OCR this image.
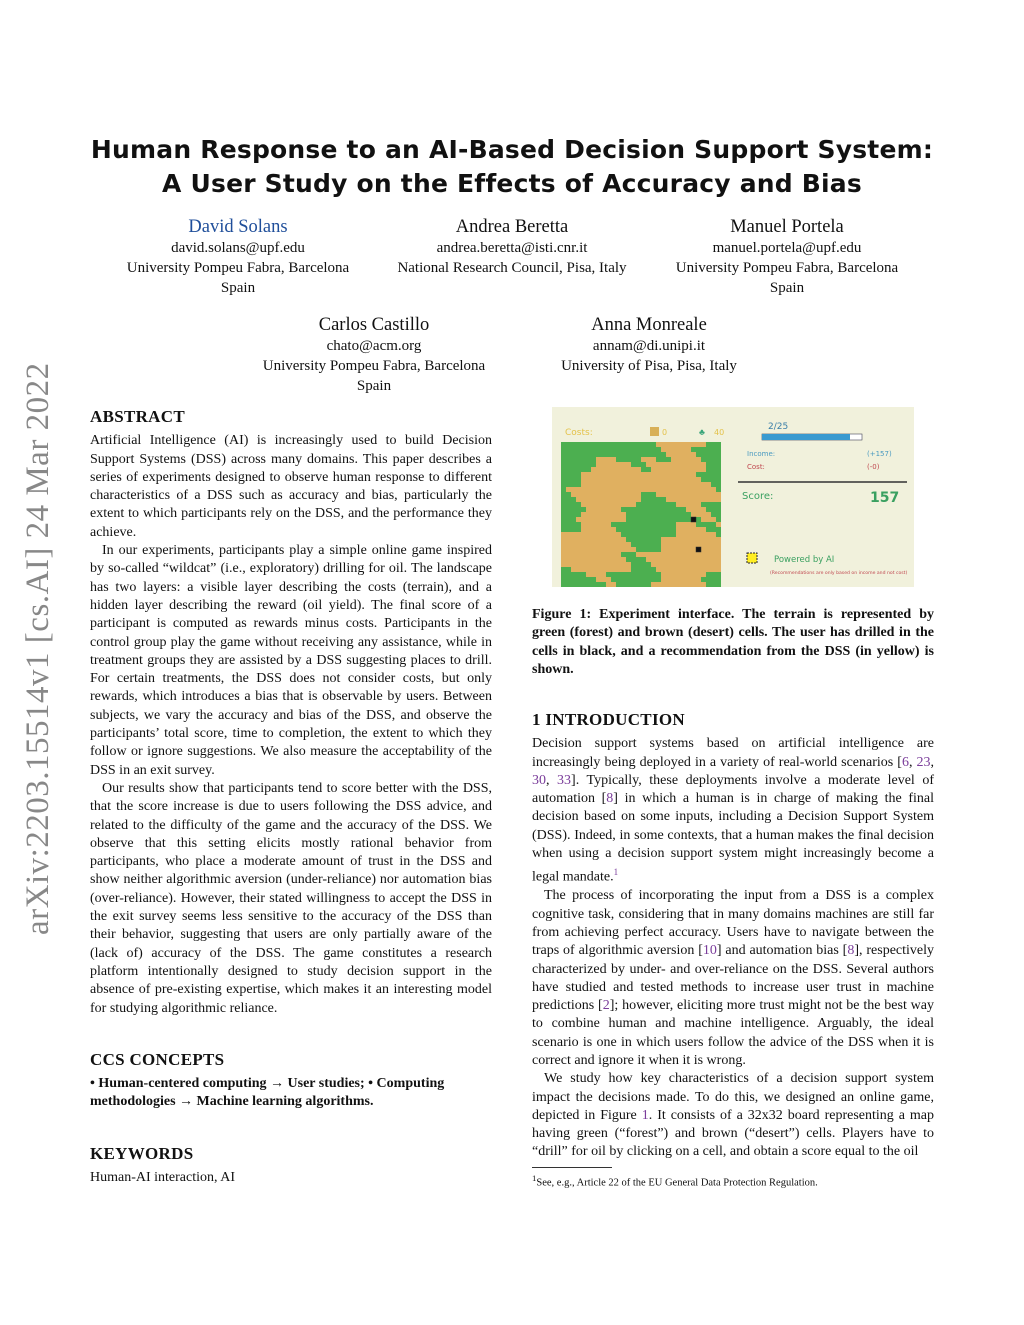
arXiv:2203.15514v1 [cs.AI] 24 Mar 2022
Human Response to an AI-Based Decision Support System: A User Study on the Effects of Accuracy and Bias
David Solans
david.solans@upf.edu
University Pompeu Fabra, Barcelona
Spain
Andrea Beretta
andrea.beretta@isti.cnr.it
National Research Council, Pisa, Italy
Manuel Portela
manuel.portela@upf.edu
University Pompeu Fabra, Barcelona
Spain
Carlos Castillo
chato@acm.org
University Pompeu Fabra, Barcelona
Spain
Anna Monreale
annam@di.unipi.it
University of Pisa, Pisa, Italy
ABSTRACT

Artificial Intelligence (AI) is increasingly used to build Decision Support Systems (DSS) across many domains. This paper describes a series of experiments designed to observe human response to different characteristics of a DSS such as accuracy and bias, particularly the extent to which participants rely on the DSS, and the performance they achieve.

In our experiments, participants play a simple online game inspired by so-called “wildcat” (i.e., exploratory) drilling for oil. The landscape has two layers: a visible layer describing the costs (terrain), and a hidden layer describing the reward (oil yield). The final score of a participant is computed as rewards minus costs. Participants in the control group play the game without receiving any assistance, while in treatment groups they are assisted by a DSS suggesting places to drill. For certain treatments, the DSS does not consider costs, but only rewards, which introduces a bias that is observable by users. Between subjects, we vary the accuracy and bias of the DSS, and observe the participants’ total score, time to completion, the extent to which they follow or ignore suggestions. We also measure the acceptability of the DSS in an exit survey.

Our results show that participants tend to score better with the DSS, that the score increase is due to users following the DSS advice, and related to the difficulty of the game and the accuracy of the DSS. We observe that this setting elicits mostly rational behavior from participants, who place a moderate amount of trust in the DSS and show neither algorithmic aversion (under-reliance) nor automation bias (over-reliance). However, their stated willingness to accept the DSS in the exit survey seems less sensitive to the accuracy of the DSS than their behavior, suggesting that users are only partially aware of the (lack of) accuracy of the DSS. The game constitutes a research platform intentionally designed to study decision support in the absence of pre-existing expertise, which makes it an interesting model for studying algorithmic reliance.

CCS CONCEPTS

• Human-centered computing → User studies; • Computing methodologies → Machine learning algorithms.

KEYWORDS

Human-AI interaction, AI

Costs:	0	♣ 40
2/25
Income:	(+157)
Cost:	(-0)
Score:	157
Powered by AI
(Recommendations are only based on income and not cost)
Figure 1: Experiment interface. The terrain is represented by green (forest) and brown (desert) cells. The user has drilled in the cells in black, and a recommendation from the DSS (in yellow) is shown.
1 INTRODUCTION

Decision support systems based on artificial intelligence are increasingly being deployed in a variety of real-world scenarios [6, 23, 30, 33]. Typically, these deployments involve a moderate level of automation [8] in which a human is in charge of making the final decision based on some inputs, including a Decision Support System (DSS). Indeed, in some contexts, that a human makes the final decision when using a decision support system might increasingly become a legal mandate.$^1$

The process of incorporating the input from a DSS is a complex cognitive task, considering that in many domains machines are still far from achieving perfect accuracy. Users have to navigate between the traps of algorithmic aversion [10] and automation bias [8], respectively characterized by under- and over-reliance on the DSS. Several authors have studied and tested methods to increase user trust in machine predictions [2]; however, eliciting more trust might not be the best way to combine human and machine intelligence. Arguably, the ideal scenario is one in which users follow the advice of the DSS when it is correct and ignore it when it is wrong.

We study how key characteristics of a decision support system impact the decisions made. To do this, we designed an online game, depicted in Figure 1. It consists of a 32x32 board representing a map having green (“forest”) and brown (“desert”) cells. Players have to “drill” for oil by clicking on a cell, and obtain a score equal to the oil

$^1$See, e.g., Article 22 of the EU General Data Protection Regulation.
